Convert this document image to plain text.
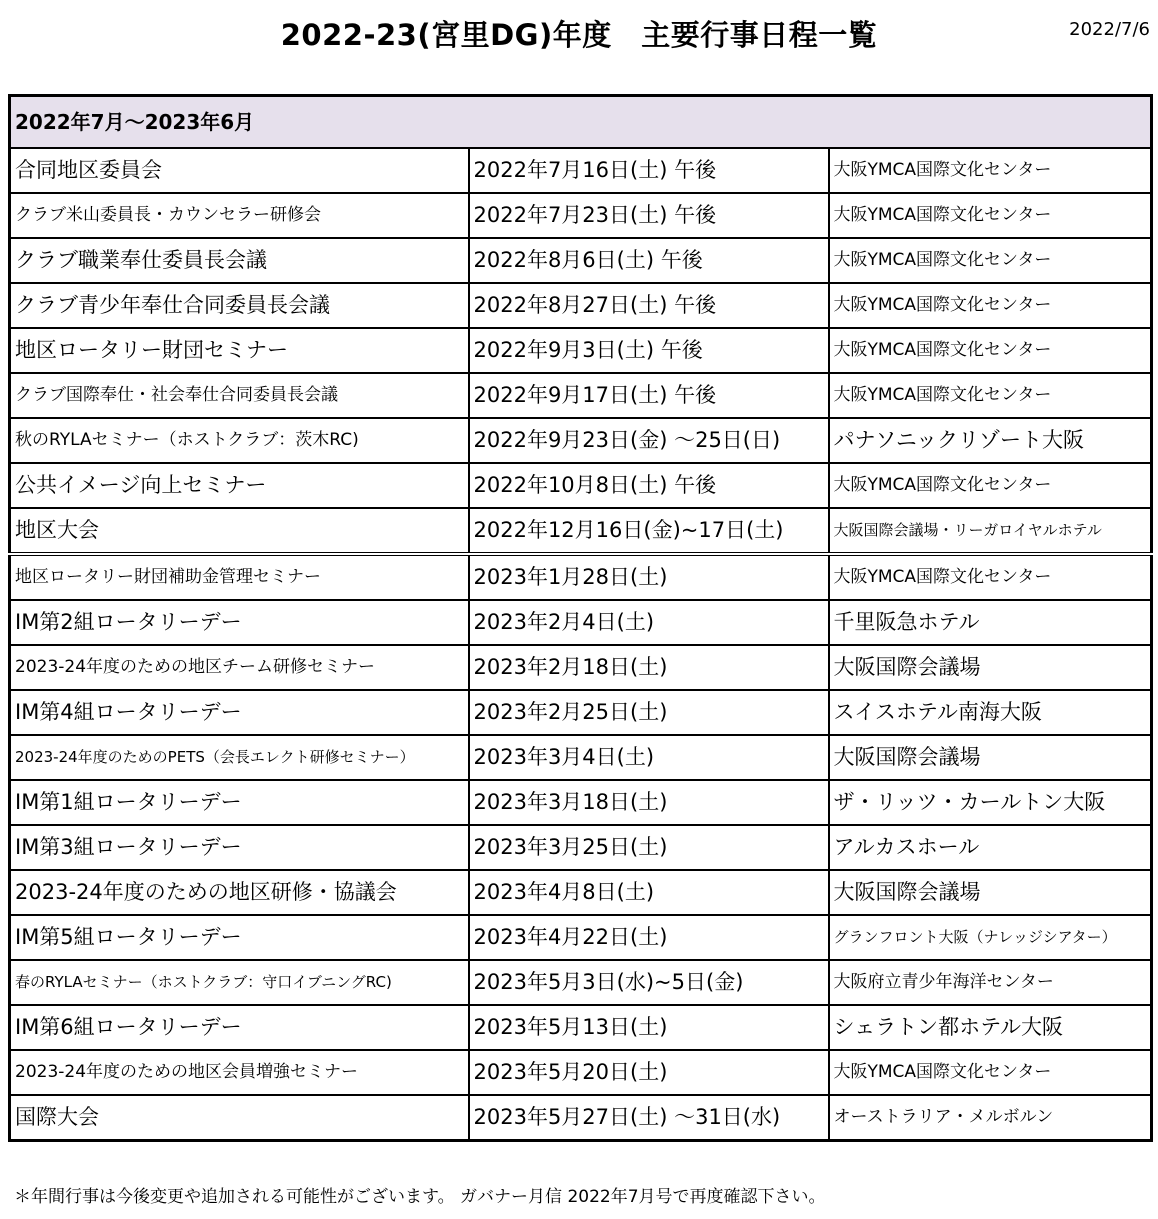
2022-23(宮里DG)年度　主要行事日程一覧	2022/7/6
2022年7月～2023年6月		
合同地区委員会	2022年7月16日(土) 午後	大阪YMCA国際文化センター
クラブ米山委員長・カウンセラー研修会	2022年7月23日(土) 午後	大阪YMCA国際文化センター
クラブ職業奉仕委員長会議	2022年8月6日(土) 午後	大阪YMCA国際文化センター
クラブ青少年奉仕合同委員長会議	2022年8月27日(土) 午後	大阪YMCA国際文化センター
地区ロータリー財団セミナー	2022年9月3日(土) 午後	大阪YMCA国際文化センター
クラブ国際奉仕・社会奉仕合同委員長会議	2022年9月17日(土) 午後	大阪YMCA国際文化センター
秋のRYLAセミナー（ホストクラブ：茨木RC)	2022年9月23日(金) ～25日(日)	パナソニックリゾート大阪
公共イメージ向上セミナー	2022年10月8日(土) 午後	大阪YMCA国際文化センター
地区大会	2022年12月16日(金)~17日(土)	大阪国際会議場・リーガロイヤルホテル
地区ロータリー財団補助金管理セミナー	2023年1月28日(土)	大阪YMCA国際文化センター
IM第2組ロータリーデー	2023年2月4日(土)	千里阪急ホテル
2023-24年度のための地区チーム研修セミナー	2023年2月18日(土)	大阪国際会議場
IM第4組ロータリーデー	2023年2月25日(土)	スイスホテル南海大阪
2023-24年度のためのPETS（会長エレクト研修セミナー）	2023年3月4日(土)	大阪国際会議場
IM第1組ロータリーデー	2023年3月18日(土)	ザ・リッツ・カールトン大阪
IM第3組ロータリーデー	2023年3月25日(土)	アルカスホール
2023-24年度のための地区研修・協議会	2023年4月8日(土)	大阪国際会議場
IM第5組ロータリーデー	2023年4月22日(土)	グランフロント大阪（ナレッジシアター）
春のRYLAセミナー（ホストクラブ：守口イブニングRC)	2023年5月3日(水)~5日(金)	大阪府立青少年海洋センター
IM第6組ロータリーデー	2023年5月13日(土)	シェラトン都ホテル大阪
2023-24年度のための地区会員増強セミナー	2023年5月20日(土)	大阪YMCA国際文化センター
国際大会	2023年5月27日(土) ～31日(水)	オーストラリア・メルボルン
＊年間行事は今後変更や追加される可能性がございます。 ガバナー月信 2022年7月号で再度確認下さい。
